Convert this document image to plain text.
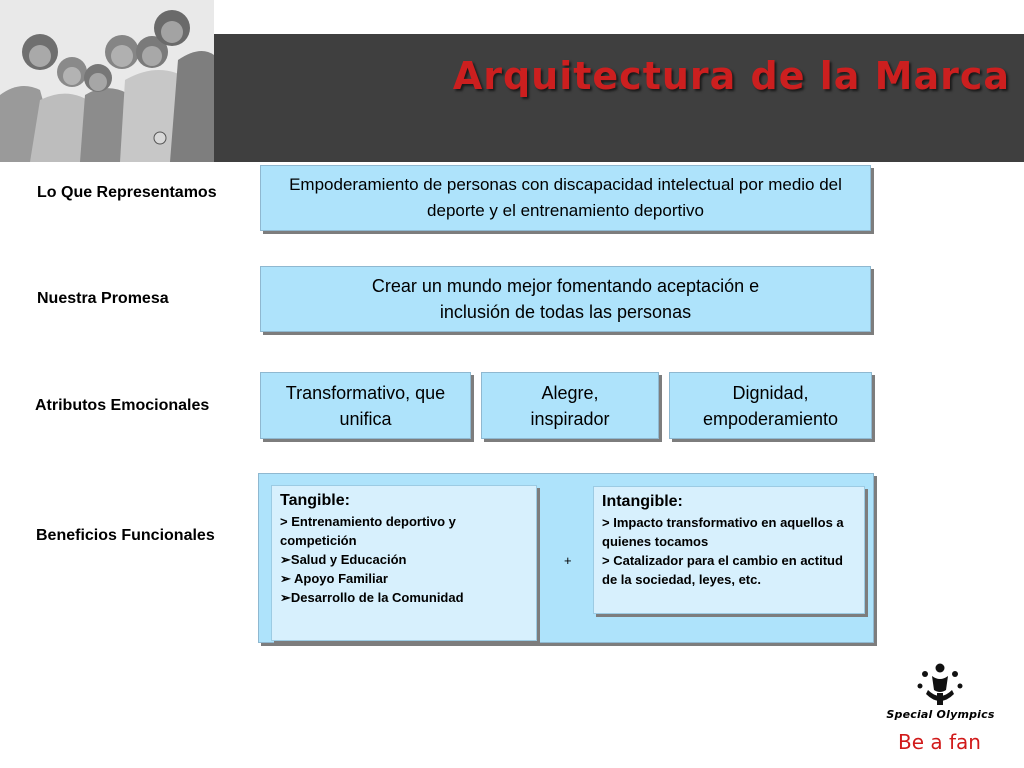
Arquitectura de la Marca
Lo Que Representamos
Nuestra Promesa
Atributos Emocionales
Beneficios Funcionales
Empoderamiento de personas con discapacidad intelectual por medio del deporte y el entrenamiento deportivo
Crear un mundo mejor fomentando aceptación e inclusión de todas las personas
Transformativo, que unifica
Alegre, inspirador
Dignidad, empoderamiento
Tangible:
> Entrenamiento deportivo y competición
➢Salud y Educación
➢ Apoyo Familiar
➢Desarrollo de la Comunidad
+
Intangible:
> Impacto transformativo en aquellos a quienes tocamos
> Catalizador para el cambio en actitud de la sociedad, leyes, etc.
Special Olympics
Be a fan
